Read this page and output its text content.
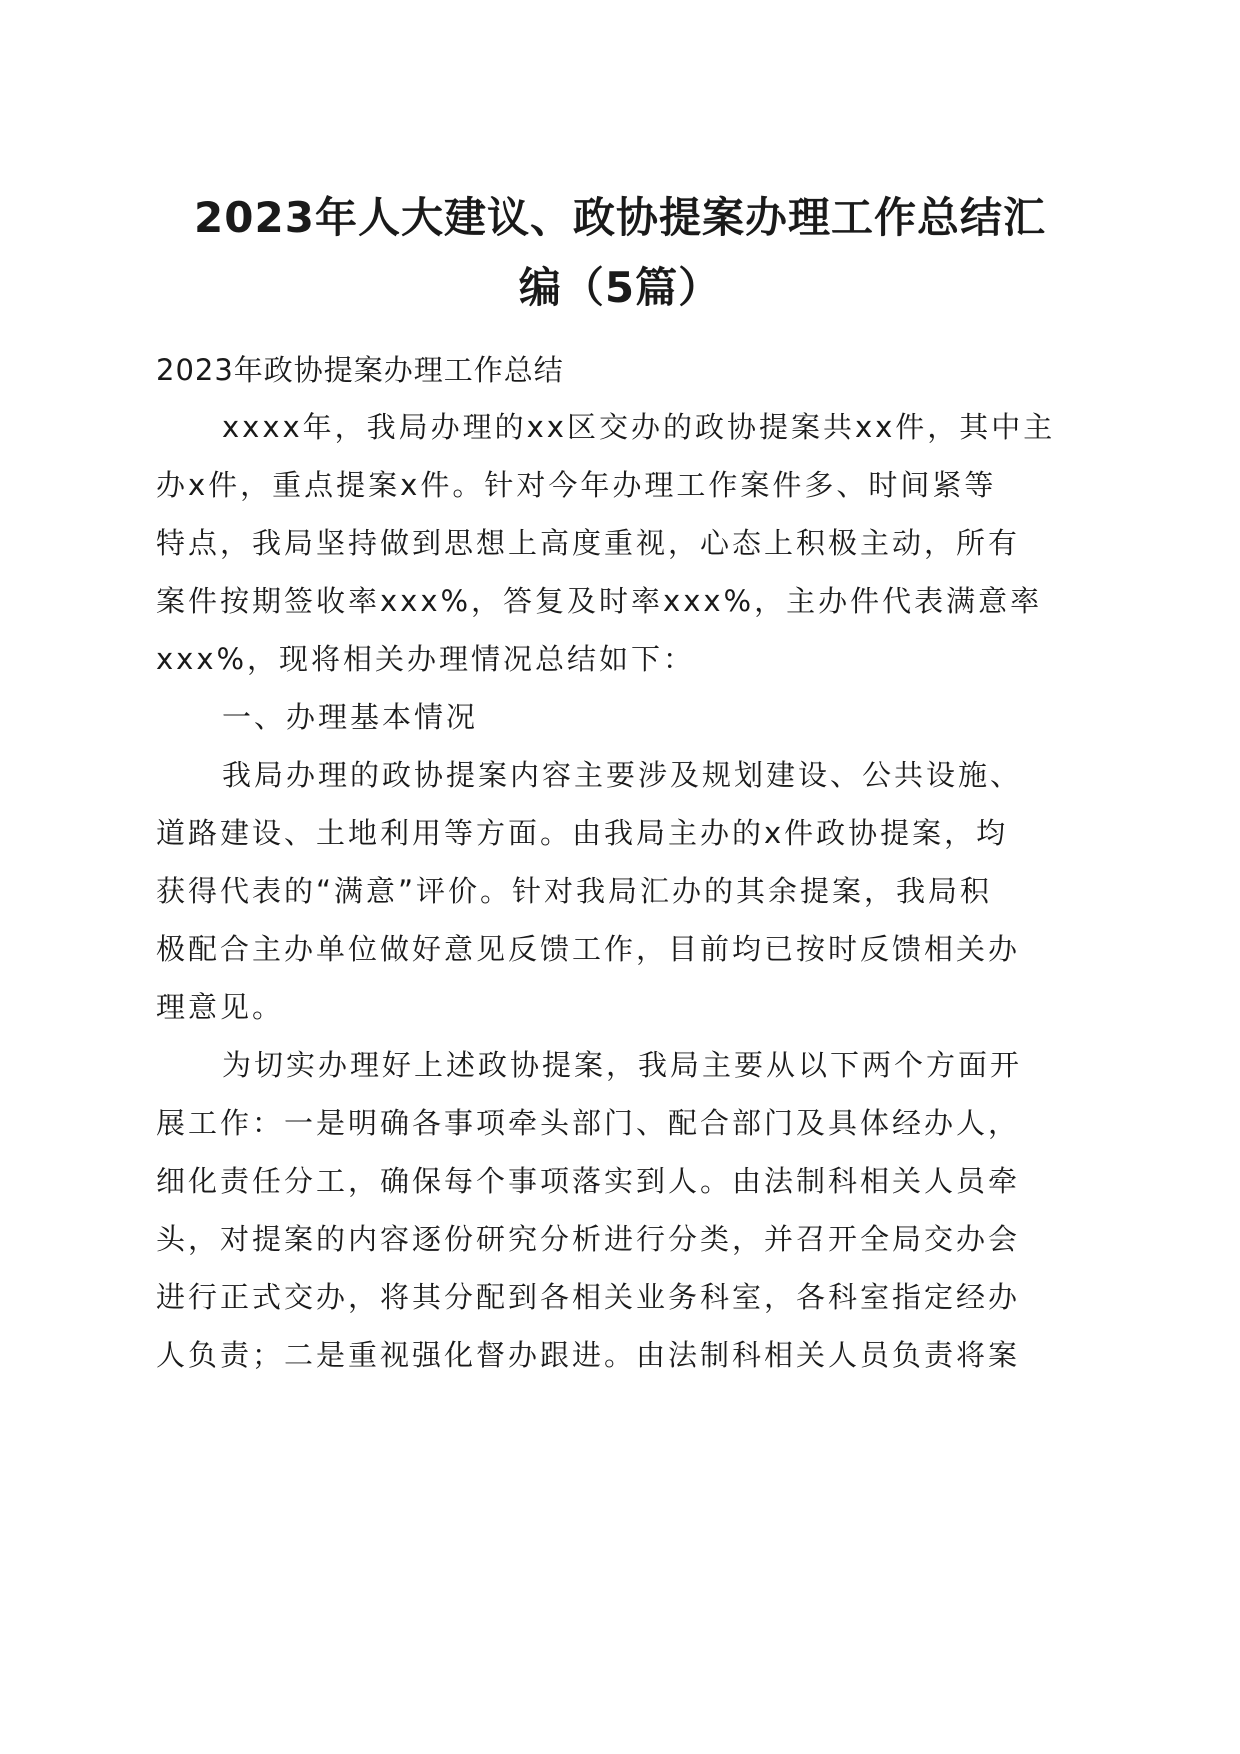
2023年人大建议、政协提案办理工作总结汇
编（5篇）

2023年政协提案办理工作总结

xxxx年，我局办理的xx区交办的政协提案共xx件，其中主

办x件，重点提案x件。针对今年办理工作案件多、时间紧等

特点，我局坚持做到思想上高度重视，心态上积极主动，所有

案件按期签收率xxx%，答复及时率xxx%，主办件代表满意率

xxx%，现将相关办理情况总结如下：

一、办理基本情况

我局办理的政协提案内容主要涉及规划建设、公共设施、

道路建设、土地利用等方面。由我局主办的x件政协提案，均

获得代表的“满意”评价。针对我局汇办的其余提案，我局积

极配合主办单位做好意见反馈工作，目前均已按时反馈相关办

理意见。

为切实办理好上述政协提案，我局主要从以下两个方面开

展工作：一是明确各事项牵头部门、配合部门及具体经办人，

细化责任分工，确保每个事项落实到人。由法制科相关人员牵

头，对提案的内容逐份研究分析进行分类，并召开全局交办会

进行正式交办，将其分配到各相关业务科室，各科室指定经办

人负责；二是重视强化督办跟进。由法制科相关人员负责将案
